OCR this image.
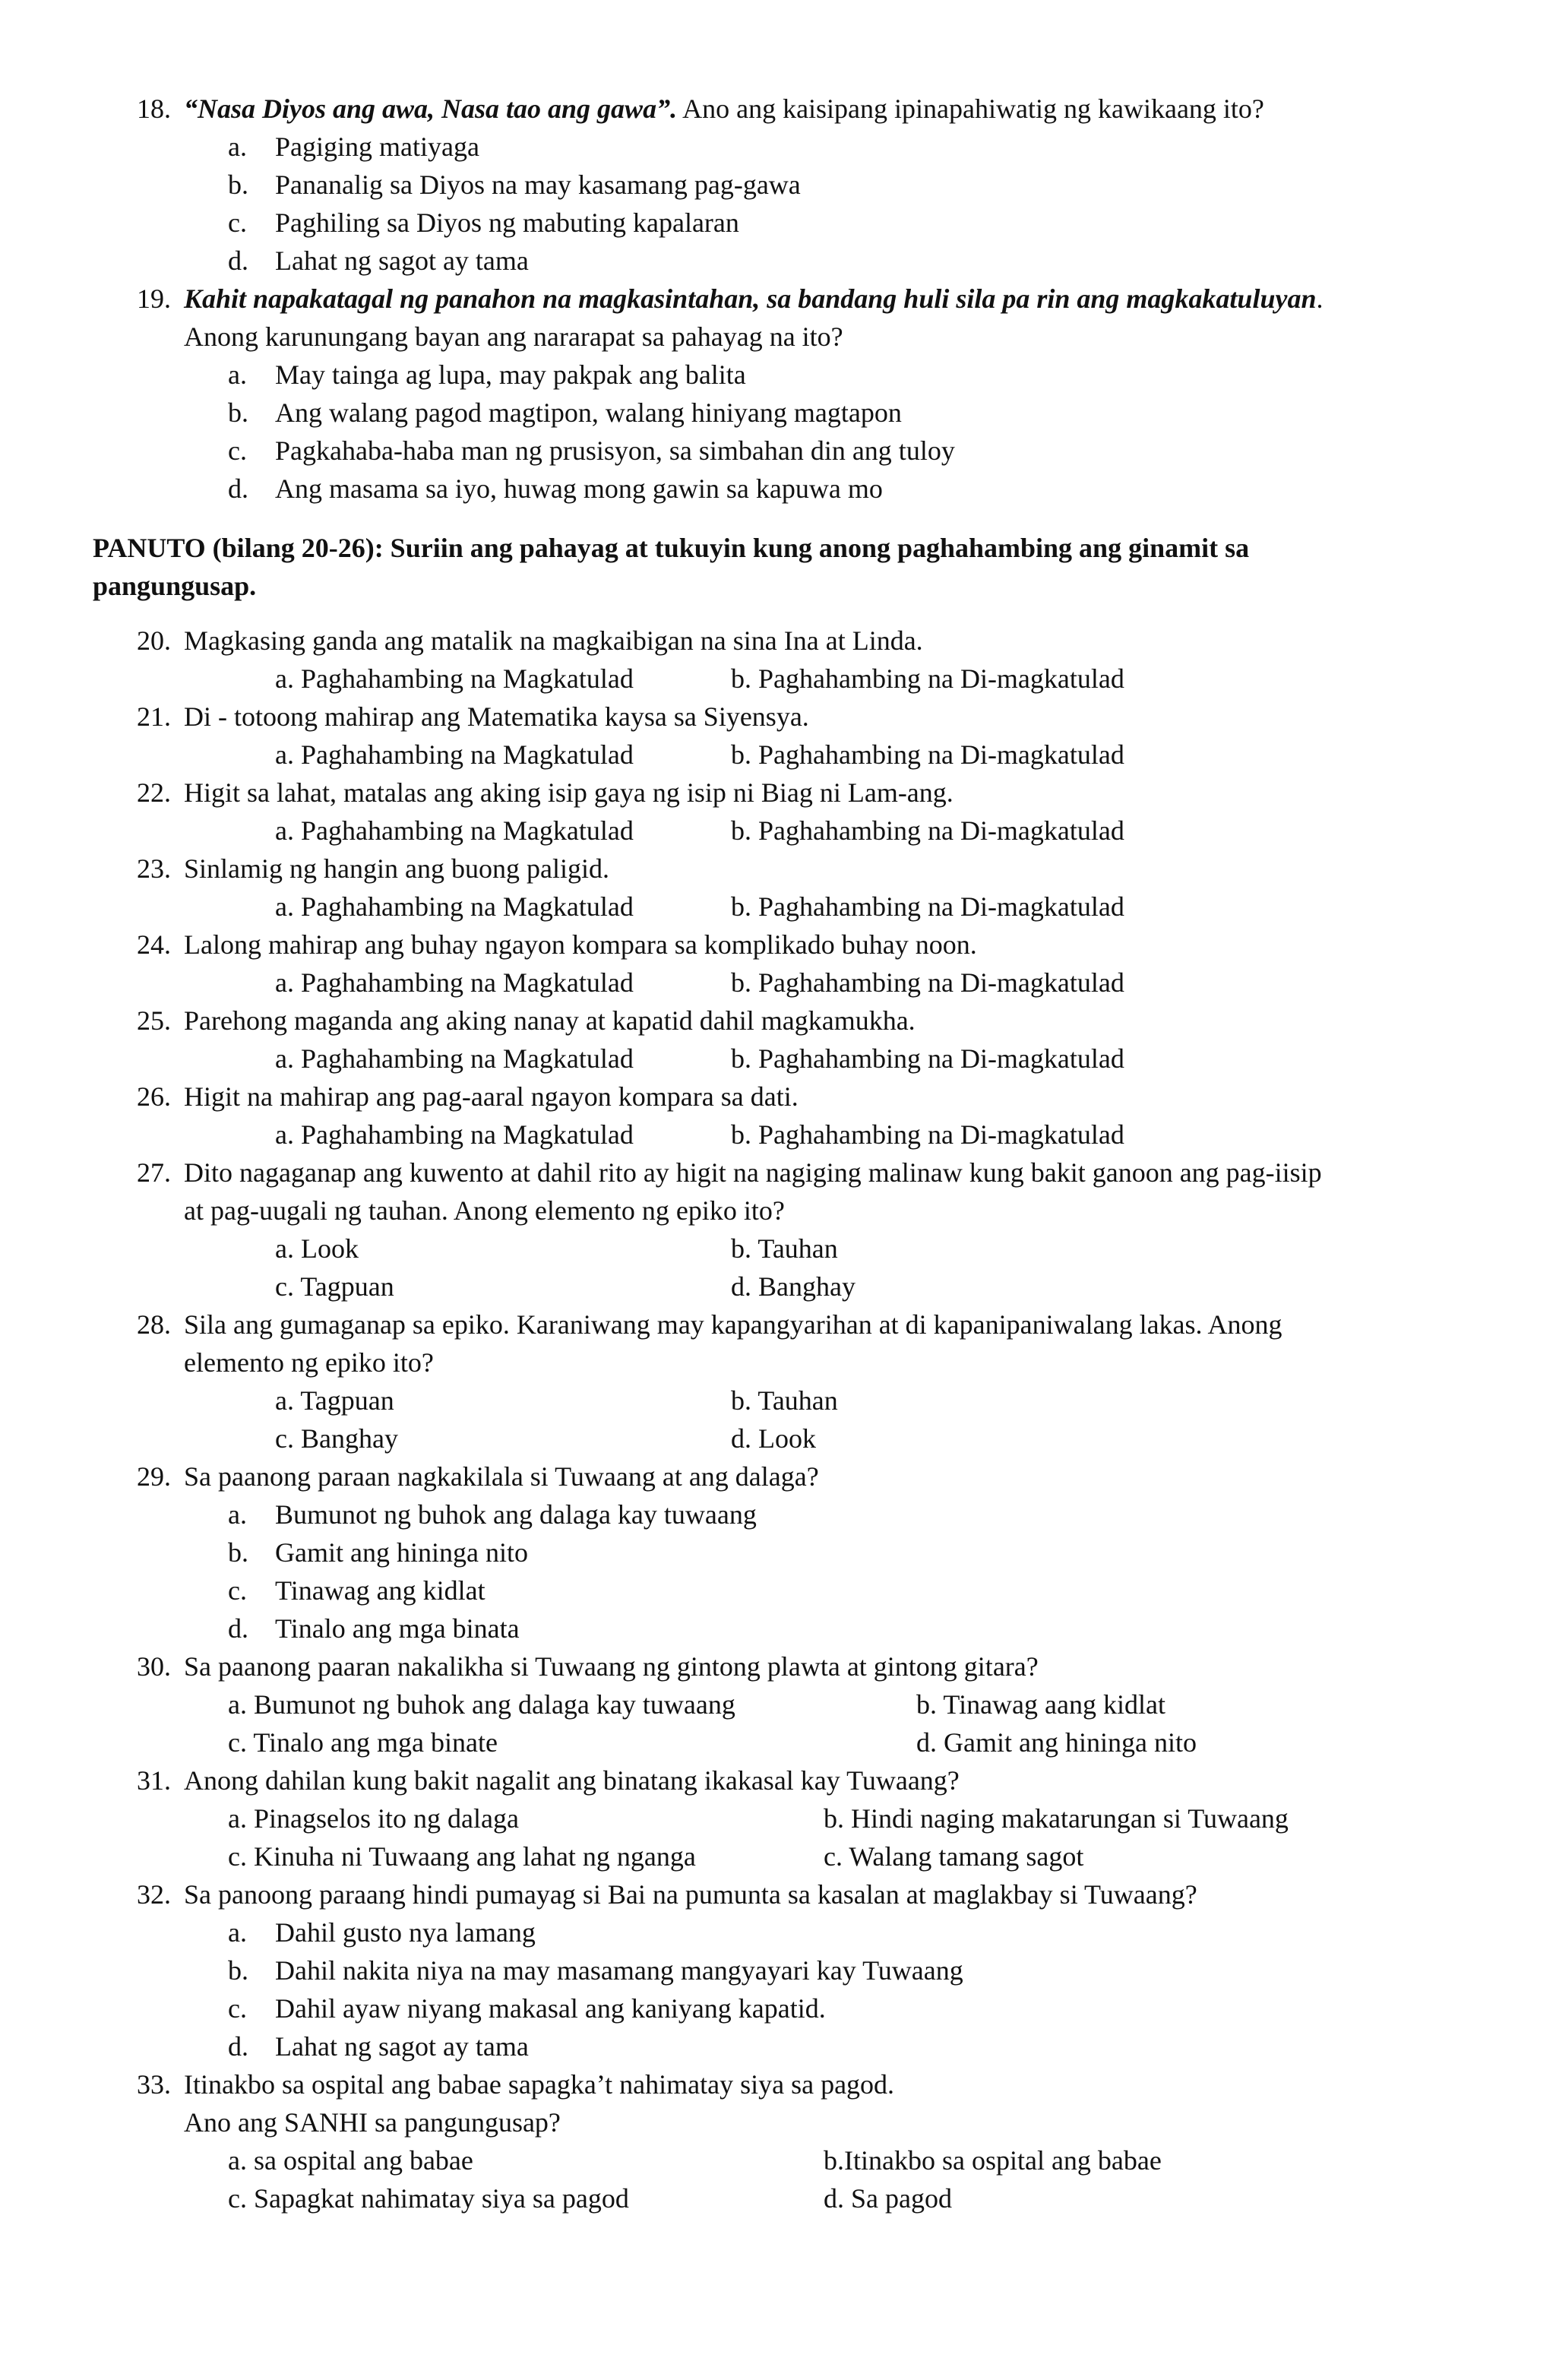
18. “Nasa Diyos ang awa, Nasa tao ang gawa”. Ano ang kaisipang ipinapahiwatig ng kawikaang ito?
a. Pagiging matiyaga
b. Pananalig sa Diyos na may kasamang pag-gawa
c. Paghiling sa Diyos ng mabuting kapalaran
d. Lahat ng sagot ay tama
19. Kahit napakatagal ng panahon na magkasintahan, sa bandang huli sila pa rin ang magkakatuluyan.
Anong karunungang bayan ang nararapat sa pahayag na ito?
a. May tainga ag lupa, may pakpak ang balita
b. Ang walang pagod magtipon, walang hiniyang magtapon
c. Pagkahaba-haba man ng prusisyon, sa simbahan din ang tuloy
d. Ang masama sa iyo, huwag mong gawin sa kapuwa mo
PANUTO (bilang 20-26): Suriin ang pahayag at tukuyin kung anong paghahambing ang ginamit sa
pangungusap.
20. Magkasing ganda ang matalik na magkaibigan na sina Ina at Linda.
a. Paghahambing na Magkatulad	b. Paghahambing na Di-magkatulad
21. Di - totoong mahirap ang Matematika kaysa sa Siyensya.
a. Paghahambing na Magkatulad	b. Paghahambing na Di-magkatulad
22. Higit sa lahat, matalas ang aking isip gaya ng isip ni Biag ni Lam-ang.
a. Paghahambing na Magkatulad	b. Paghahambing na Di-magkatulad
23. Sinlamig ng hangin ang buong paligid.
a. Paghahambing na Magkatulad	b. Paghahambing na Di-magkatulad
24. Lalong mahirap ang buhay ngayon kompara sa komplikado buhay noon.
a. Paghahambing na Magkatulad	b. Paghahambing na Di-magkatulad
25. Parehong maganda ang aking nanay at kapatid dahil magkamukha.
a. Paghahambing na Magkatulad	b. Paghahambing na Di-magkatulad
26. Higit na mahirap ang pag-aaral ngayon kompara sa dati.
a. Paghahambing na Magkatulad	b. Paghahambing na Di-magkatulad
27. Dito nagaganap ang kuwento at dahil rito ay higit na nagiging malinaw kung bakit ganoon ang pag-iisip
at pag-uugali ng tauhan. Anong elemento ng epiko ito?
a. Look	b. Tauhan
c. Tagpuan	d. Banghay
28. Sila ang gumaganap sa epiko. Karaniwang may kapangyarihan at di kapanipaniwalang lakas. Anong
elemento ng epiko ito?
a. Tagpuan	b. Tauhan
c. Banghay	d. Look
29. Sa paanong paraan nagkakilala si Tuwaang at ang dalaga?
a. Bumunot ng buhok ang dalaga kay tuwaang
b. Gamit ang hininga nito
c. Tinawag ang kidlat
d. Tinalo ang mga binata
30. Sa paanong paaran nakalikha si Tuwaang ng gintong plawta at gintong gitara?
a. Bumunot ng buhok ang dalaga kay tuwaang	b. Tinawag aang kidlat
c. Tinalo ang mga binate	d. Gamit ang hininga nito
31. Anong dahilan kung bakit nagalit ang binatang ikakasal kay Tuwaang?
a. Pinagselos ito ng dalaga	b. Hindi naging makatarungan si Tuwaang
c. Kinuha ni Tuwaang ang lahat ng nganga	c. Walang tamang sagot
32. Sa panoong paraang hindi pumayag si Bai na pumunta sa kasalan at maglakbay si Tuwaang?
a. Dahil gusto nya lamang
b. Dahil nakita niya na may masamang mangyayari kay Tuwaang
c. Dahil ayaw niyang makasal ang kaniyang kapatid.
d. Lahat ng sagot ay tama
33. Itinakbo sa ospital ang babae sapagka’t nahimatay siya sa pagod.
Ano ang SANHI sa pangungusap?
a. sa ospital ang babae	b.Itinakbo sa ospital ang babae
c. Sapagkat nahimatay siya sa pagod	d. Sa pagod
